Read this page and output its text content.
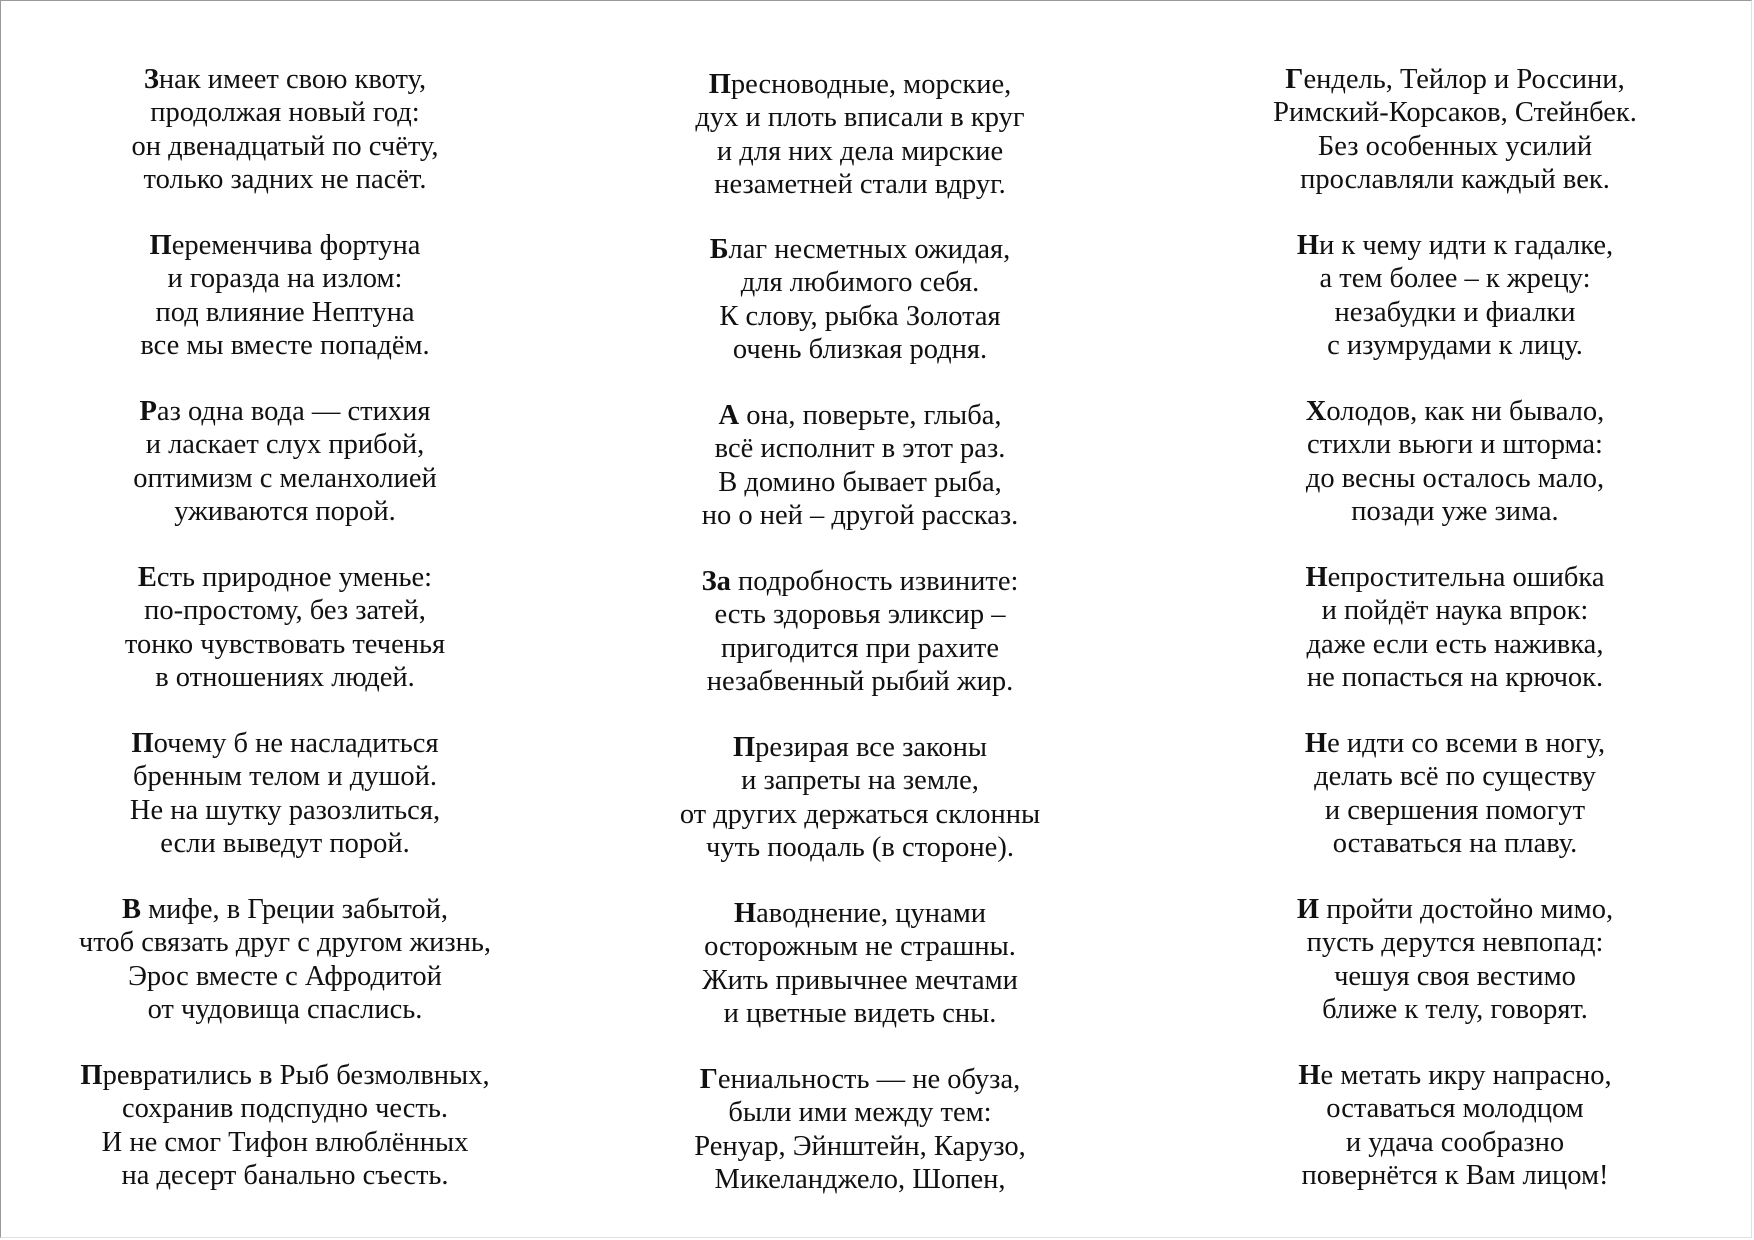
Знак имеет свою квоту,
продолжая новый год:
он двенадцатый по счёту,
только задних не пасёт.
Переменчива фортуна
и горазда на излом:
под влияние Нептуна
все мы вместе попадём.
Раз одна вода — стихия
и ласкает слух прибой,
оптимизм с меланхолией
уживаются порой.
Есть природное уменье:
по-простому, без затей,
тонко чувствовать теченья
в отношениях людей.
Почему б не насладиться
бренным телом и душой.
Не на шутку разозлиться,
если выведут порой.
В мифе, в Греции забытой,
чтоб связать друг с другом жизнь,
Эрос вместе с Афродитой
от чудовища спаслись.
Превратились в Рыб безмолвных,
сохранив подспудно честь.
И не смог Тифон влюблённых
на десерт банально съесть.
Пресноводные, морские,
дух и плоть вписали в круг
и для них дела мирские
незаметней стали вдруг.
Благ несметных ожидая,
для любимого себя.
К слову, рыбка Золотая
очень близкая родня.
А она, поверьте, глыба,
всё исполнит в этот раз.
В домино бывает рыба,
но о ней – другой рассказ.
За подробность извините:
есть здоровья эликсир –
пригодится при рахите
незабвенный рыбий жир.
Презирая все законы
и запреты на земле,
от других держаться склонны
чуть поодаль (в стороне).
Наводнение, цунами
осторожным не страшны.
Жить привычнее мечтами
и цветные видеть сны.
Гениальность — не обуза,
были ими между тем:
Ренуар, Эйнштейн, Карузо,
Микеланджело, Шопен,
Гендель, Тейлор и Россини,
Римский-Корсаков, Стейнбек.
Без особенных усилий
прославляли каждый век.
Ни к чему идти к гадалке,
а тем более – к жрецу:
незабудки и фиалки
с изумрудами к лицу.
Холодов, как ни бывало,
стихли вьюги и шторма:
до весны осталось мало,
позади уже зима.
Непростительна ошибка
и пойдёт наука впрок:
даже если есть наживка,
не попасться на крючок.
Не идти со всеми в ногу,
делать всё по существу
и свершения помогут
оставаться на плаву.
И пройти достойно мимо,
пусть дерутся невпопад:
чешуя своя вестимо
ближе к телу, говорят.
Не метать икру напрасно,
оставаться молодцом
и удача сообразно
повернётся к Вам лицом!
